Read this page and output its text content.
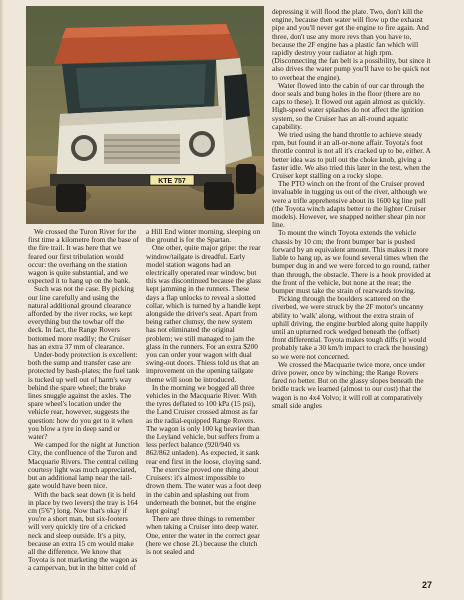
KTE 757

We crossed the Turon River for the first time a kilometre from the base of the fire trail. It was here that we feared our first tribulation would occur: the overhang on the station wagon is quite substantial, and we expected it to hang up on the bank.

Such was not the case. By picking our line carefully and using the natural additional ground clearance afforded by the river rocks, we kept everything but the towbar off the deck. In fact, the Range Rovers bottomed more readily; the Cruiser has an extra 37 mm of clearance.

Under-body protection is excellent: both the sump and transfer case are protected by bash-plates; the fuel tank is tucked up well out of harm's way behind the spare wheel; the brake lines snuggle against the axles. The spare wheel's location under the vehicle rear, however, suggests the question: how do you get to it when you blow a tyre in deep sand or water?

We camped for the night at Junction City, the confluence of the Turon and Macquarie Rivers. The central ceiling courtesy light was much appreciated, but an additional lamp near the tail-gate would have been nice.

With the back seat down (it is held in place by two levers) the tray is 164 cm (5'6") long. Now that's okay if you're a short man, but six-footers will very quickly tire of a cricked neck and sleep outside. It's a pity, because an extra 15 cm would make all the difference. We know that Toyota is not marketing the wagon as a campervan, but in the bitter cold of

a Hill End winter morning, sleeping on the ground is for the Spartan.

One other, quite major gripe: the rear window/tailgate is dreadful. Early model station wagons had an electrically operated rear window, but this was discontinued because the glass kept jamming in the runners. These days a flap unlocks to reveal a slotted collar, which is turned by a handle kept alongside the driver's seat. Apart from being rather clumsy, the new system has not eliminated the original problem; we still managed to jam the glass in the runners. For an extra $200 you can order your wagon with dual swing-out doors. Thiess told us that an improvement on the opening tailgate theme will soon be introduced.

In the morning we bogged all three vehicles in the Macquarie River. With the tyres deflated to 100 kPa (15 psi), the Land Cruiser crossed almost as far as the radial-equipped Range Rovers. The wagon is only 100 kg heavier than the Leyland vehicle, but suffers from a less perfect balance (920/940 vs 862/862 unladen). As expected, it sank rear end first in the loose, cloying sand.

The exercise proved one thing about Cruisers: it's almost impossible to drown them. The water was a foot deep in the cabin and splashing out from underneath the bonnet, but the engine kept going!

There are three things to remember when taking a Cruiser into deep water. One, enter the water in the correct gear (here we chose 2L) because the clutch is not sealed and

depressing it will flood the plate. Two, don't kill the engine, because then water will flow up the exhaust pipe and you'll never get the engine to fire again. And three, don't use any more revs than you have to, because the 2F engine has a plastic fan which will rapidly destroy your radiator at high rpm. (Disconnecting the fan belt is a possibility, but since it also drives the water pump you'll have to be quick not to overheat the engine).

Water flowed into the cabin of our car through the door seals and bung holes in the floor (there are no caps to these). It flowed out again almost as quickly. High-speed water splashes do not affect the ignition system, so the Cruiser has an all-round aquatic capability.

We tried using the hand throttle to achieve steady rpm, but found it an all-or-none affair. Toyota's foot throttle control is not all it's cracked up to be, either. A better idea was to pull out the choke knob, giving a faster idle. We also tried this later in the test, when the Cruiser kept stalling on a rocky slope.

The PTO winch on the front of the Cruiser proved invaluable in tugging us out of the river, although we were a trifle apprehensive about its 1600 kg line pull (the Toyota winch adapts better to the lighter Cruiser models). However, we snapped neither shear pin nor line.

To mount the winch Toyota extends the vehicle chassis by 10 cm; the front bumper bar is pushed forward by an equivalent amount. This makes it more liable to hang up, as we found several times when the bumper dug in and we were forced to go round, rather than through, the obstacle. There is a hook provided at the front of the vehicle, but none at the rear; the bumper must take the strain of rearwards towing.

Picking through the boulders scattered on the riverbed, we were struck by the 2F motor's uncanny ability to 'walk' along, without the extra strain of uphill driving, the engine burbled along quite happily until an upturned rock wedged beneath the (offset) front differential. Toyota makes tough diffs (it would probably take a 30 km/h impact to crack the housing) so we were not concerned.

We crossed the Macquarie twice more, once under drive power, once by winching; the Range Rovers fared no better. But on the glassy slopes beneath the bridle track we learned (almost to our cost) that the wagon is no 4x4 Volvo; it will roll at comparatively small side angles

27
